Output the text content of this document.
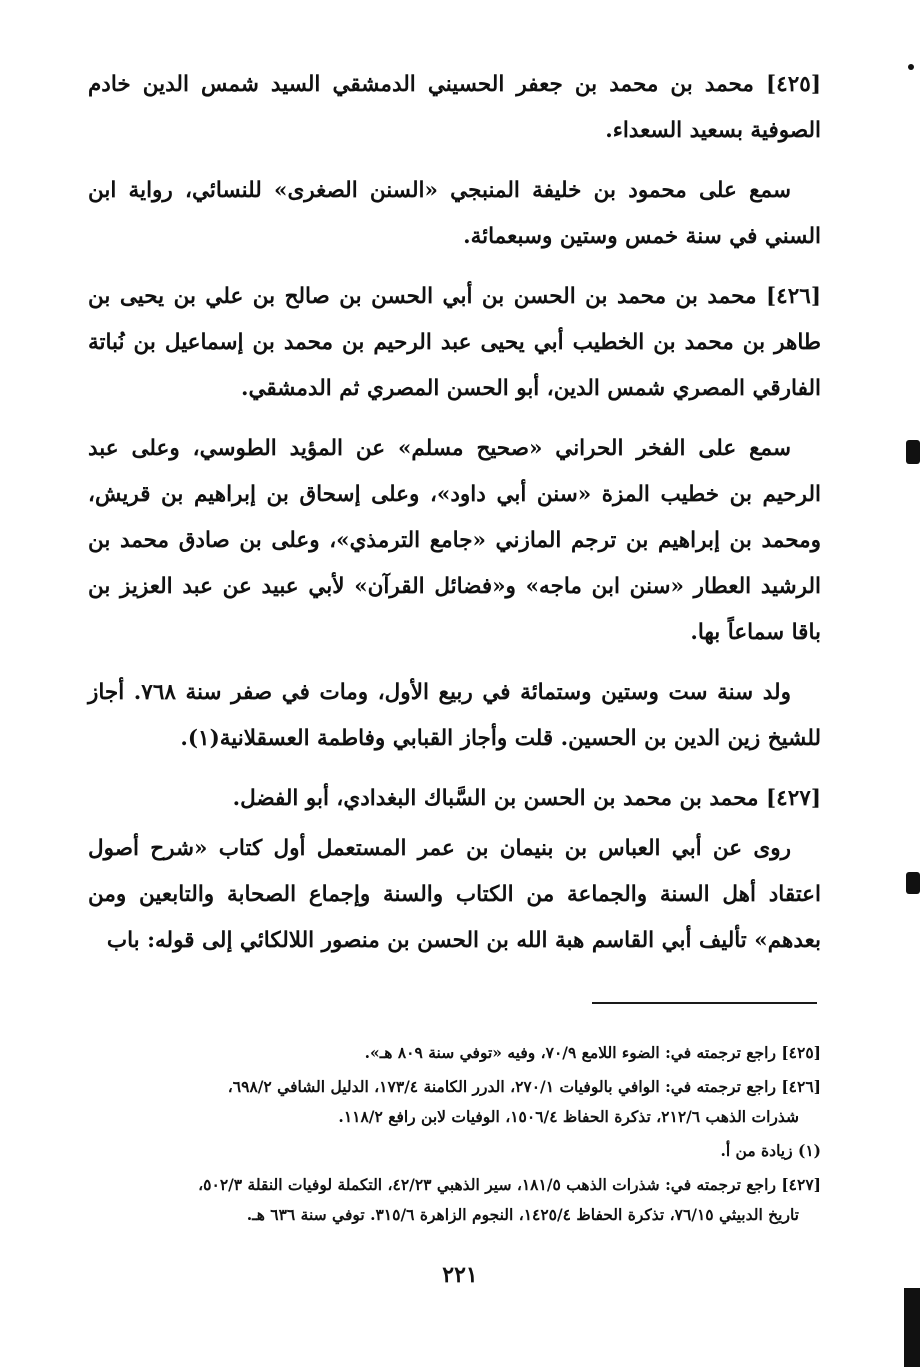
[٤٢٥] محمد بن محمد بن جعفر الحسيني الدمشقي السيد شمس الدين خادم الصوفية بسعيد السعداء.

سمع على محمود بن خليفة المنبجي «السنن الصغرى» للنسائي، رواية ابن السني في سنة خمس وستين وسبعمائة.

[٤٢٦] محمد بن محمد بن الحسن بن أبي الحسن بن صالح بن علي بن يحيى بن طاهر بن محمد بن الخطيب أبي يحيى عبد الرحيم بن محمد بن إسماعيل بن نُباتة الفارقي المصري شمس الدين، أبو الحسن المصري ثم الدمشقي.

سمع على الفخر الحراني «صحيح مسلم» عن المؤيد الطوسي، وعلى عبد الرحيم بن خطيب المزة «سنن أبي داود»، وعلى إسحاق بن إبراهيم بن قريش، ومحمد بن إبراهيم بن ترجم المازني «جامع الترمذي»، وعلى بن صادق محمد بن الرشيد العطار «سنن ابن ماجه» و«فضائل القرآن» لأبي عبيد عن عبد العزيز بن باقا سماعاً بها.

ولد سنة ست وستين وستمائة في ربيع الأول، ومات في صفر سنة ٧٦٨. أجاز للشيخ زين الدين بن الحسين. قلت وأجاز القبابي وفاطمة العسقلانية(١).

[٤٢٧] محمد بن محمد بن الحسن بن السَّباك البغدادي، أبو الفضل.

روى عن أبي العباس بن بنيمان بن عمر المستعمل أول كتاب «شرح أصول اعتقاد أهل السنة والجماعة من الكتاب والسنة وإجماع الصحابة والتابعين ومن بعدهم» تأليف أبي القاسم هبة الله بن الحسن بن منصور اللالكائي إلى قوله: باب

[٤٢٥] راجع ترجمته في: الضوء اللامع ٧٠/٩، وفيه «توفي سنة ٨٠٩ هـ».
[٤٢٦] راجع ترجمته في: الوافي بالوفيات ٢٧٠/١، الدرر الكامنة ١٧٣/٤، الدليل الشافي ٦٩٨/٢،
شذرات الذهب ٢١٢/٦، تذكرة الحفاظ ١٥٠٦/٤، الوفيات لابن رافع ١١٨/٢.
(١) زيادة من أ.
[٤٢٧] راجع ترجمته في: شذرات الذهب ١٨١/٥، سير الذهبي ٤٢/٢٣، التكملة لوفيات النقلة ٥٠٢/٣،
تاريخ الدبيثي ٧٦/١٥، تذكرة الحفاظ ١٤٢٥/٤، النجوم الزاهرة ٣١٥/٦. توفي سنة ٦٣٦ هـ.
٢٢١
